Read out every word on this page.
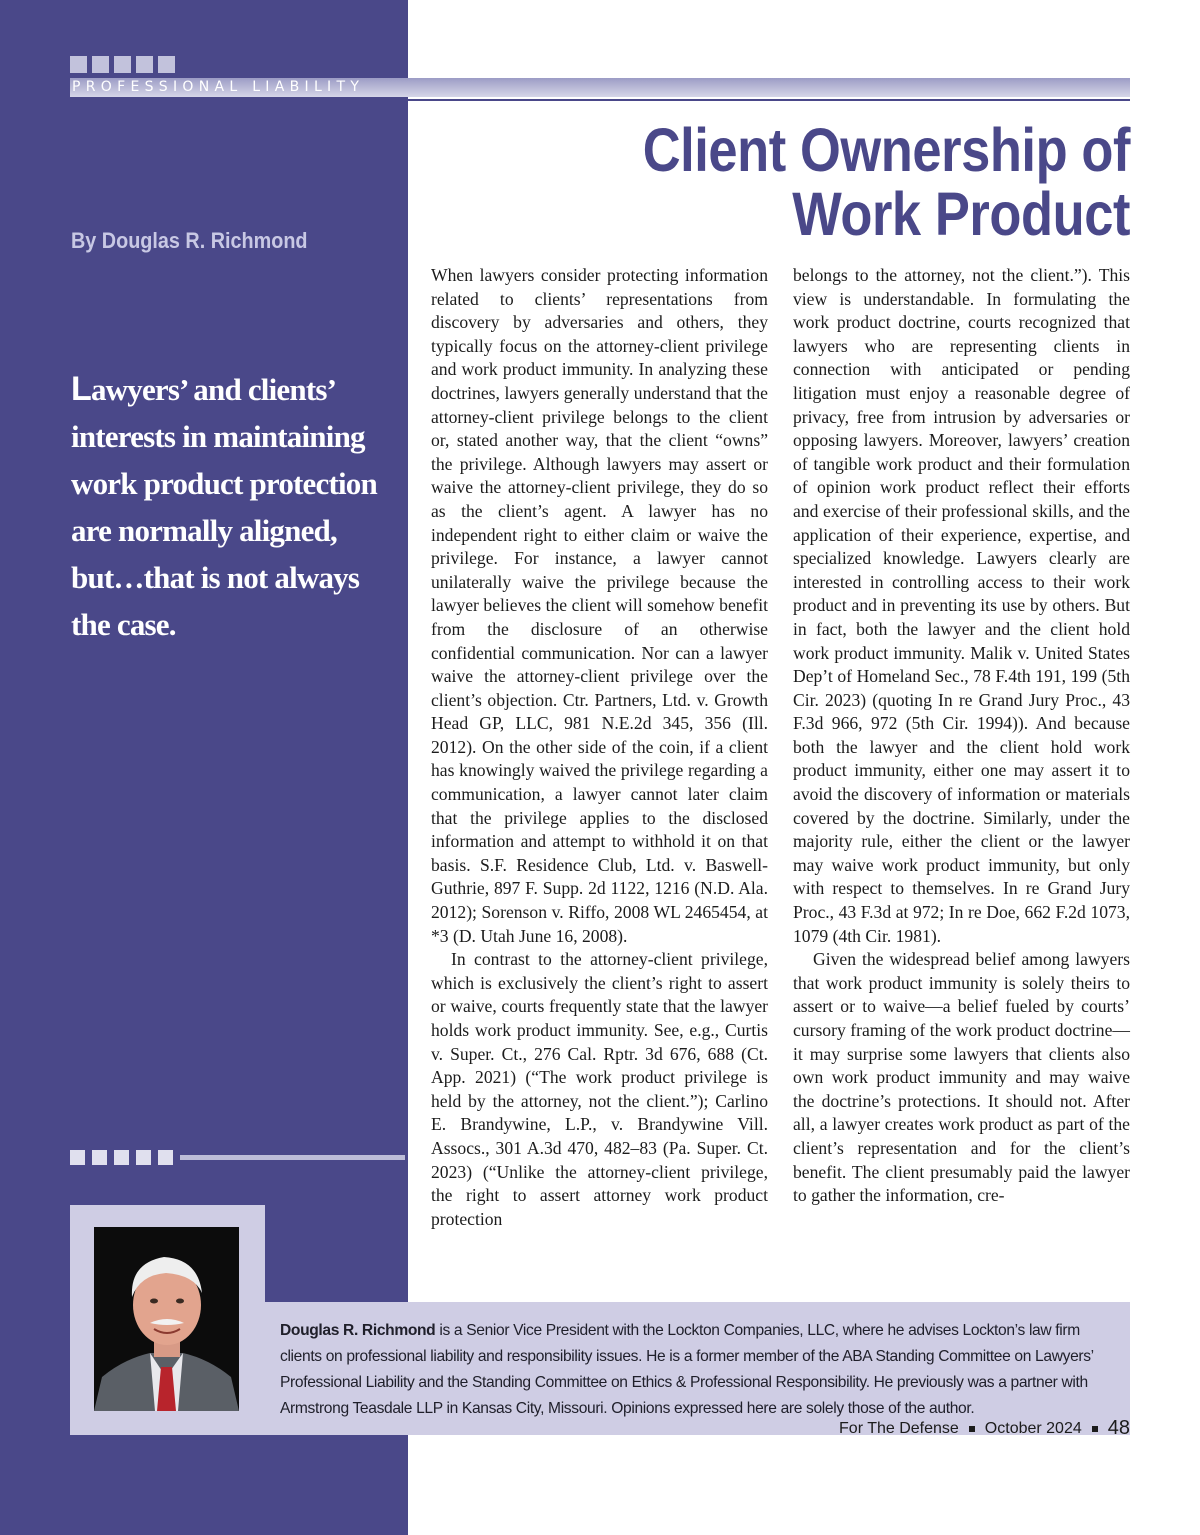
PROFESSIONAL LIABILITY
Client Ownership of Work Product
By Douglas R. Richmond
Lawyers’ and clients’ interests in maintaining work product protection are normally aligned, but…that is not always the case.

When lawyers consider protecting information related to clients’ representations from discovery by adversaries and others, they typically focus on the attorney-client privilege and work product immunity. In analyzing these doctrines, lawyers generally understand that the attorney-client privilege belongs to the client or, stated another way, that the client “owns” the privilege. Although lawyers may assert or waive the attorney-client privilege, they do so as the client’s agent. A lawyer has no independent right to either claim or waive the privilege. For instance, a lawyer cannot unilaterally waive the privilege because the lawyer believes the client will somehow benefit from the disclosure of an otherwise confidential communication. Nor can a lawyer waive the attorney-client privilege over the client’s objection. Ctr. Partners, Ltd. v. Growth Head GP, LLC, 981 N.E.2d 345, 356 (Ill. 2012). On the other side of the coin, if a client has knowingly waived the privilege regarding a communication, a lawyer cannot later claim that the privilege applies to the disclosed information and attempt to withhold it on that basis. S.F. Residence Club, Ltd. v. Baswell-Guthrie, 897 F. Supp. 2d 1122, 1216 (N.D. Ala. 2012); Sorenson v. Riffo, 2008 WL 2465454, at *3 (D. Utah June 16, 2008).

In contrast to the attorney-client privilege, which is exclusively the client’s right to assert or waive, courts frequently state that the lawyer holds work product immunity. See, e.g., Curtis v. Super. Ct., 276 Cal. Rptr. 3d 676, 688 (Ct. App. 2021) (“The work product privilege is held by the attorney, not the client.”); Carlino E. Brandywine, L.P., v. Brandywine Vill. Assocs., 301 A.3d 470, 482–83 (Pa. Super. Ct. 2023) (“Unlike the attorney-client privilege, the right to assert attorney work product protection

belongs to the attorney, not the client.”). This view is understandable. In formulating the work product doctrine, courts recognized that lawyers who are representing clients in connection with anticipated or pending litigation must enjoy a reasonable degree of privacy, free from intrusion by adversaries or opposing lawyers. Moreover, lawyers’ creation of tangible work product and their formulation of opinion work product reflect their efforts and exercise of their professional skills, and the application of their experience, expertise, and specialized knowledge. Lawyers clearly are interested in controlling access to their work product and in preventing its use by others. But in fact, both the lawyer and the client hold work product immunity. Malik v. United States Dep’t of Homeland Sec., 78 F.4th 191, 199 (5th Cir. 2023) (quoting In re Grand Jury Proc., 43 F.3d 966, 972 (5th Cir. 1994)). And because both the lawyer and the client hold work product immunity, either one may assert it to avoid the discovery of information or materials covered by the doctrine. Similarly, under the majority rule, either the client or the lawyer may waive work product immunity, but only with respect to themselves. In re Grand Jury Proc., 43 F.3d at 972; In re Doe, 662 F.2d 1073, 1079 (4th Cir. 1981).

Given the widespread belief among lawyers that work product immunity is solely theirs to assert or to waive—a belief fueled by courts’ cursory framing of the work product doctrine—it may surprise some lawyers that clients also own work product immunity and may waive the doctrine’s protections. It should not. After all, a lawyer creates work product as part of the client’s representation and for the client’s benefit. The client presumably paid the lawyer to gather the information, cre-

Douglas R. Richmond is a Senior Vice President with the Lockton Companies, LLC, where he advises Lockton’s law firm clients on professional liability and responsibility issues. He is a former member of the ABA Standing Committee on Lawyers’ Professional Liability and the Standing Committee on Ethics & Professional Responsibility. He previously was a partner with Armstrong Teasdale LLP in Kansas City, Missouri. Opinions expressed here are solely those of the author.
For The Defense October 2024 48
